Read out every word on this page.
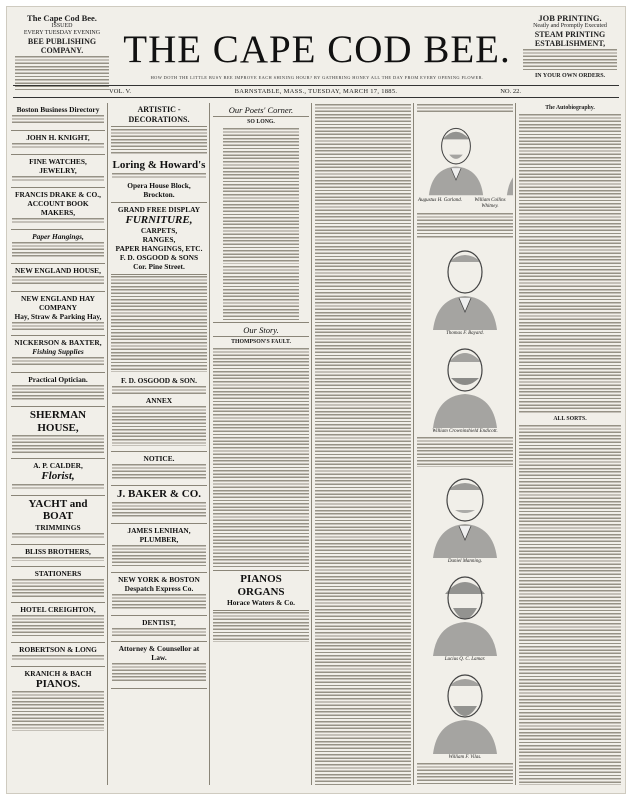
The Cape Cod Bee.
ISSUED
EVERY TUESDAY EVENING
BEE PUBLISHING COMPANY.	THE CAPE COD BEE.
HOW DOTH THE LITTLE BUSY BEE IMPROVE EACH SHINING HOUR? BY GATHERING HONEY ALL THE DAY FROM EVERY OPENING FLOWER.
JOB PRINTING.
Neatly and Promptly Executed
STEAM PRINTING
ESTABLISHMENT,
IN YOUR OWN ORDERS.
VOL. V.	BARNSTABLE, MASS., TUESDAY, MARCH 17, 1885.	NO. 22.
Boston Business Directory
JOHN H. KNIGHT,
FINE WATCHES, JEWELRY,
FRANCIS DRAKE & CO.,
ACCOUNT BOOK MAKERS,
Paper Hangings,
NEW ENGLAND HOUSE,
NEW ENGLAND HAY COMPANY
Hay, Straw & Parking Hay,
NICKERSON & BAXTER,
Fishing Supplies
Practical Optician.
SHERMAN HOUSE,
A. P. CALDER,
Florist,
YACHT and BOAT
TRIMMINGS
BLISS BROTHERS,
STATIONERS
HOTEL CREIGHTON,
ROBERTSON & LONG
KRANICH & BACH
PIANOS.
ARTISTIC - DECORATIONS.
Loring & Howard's
Opera House Block, Brockton.
GRAND FREE DISPLAY
FURNITURE,
CARPETS,
RANGES,
PAPER HANGINGS, ETC.
F. D. OSGOOD & SONS
Cor. Pine Street.
F. D. OSGOOD & SON.
ANNEX
NOTICE.
J. BAKER & CO.
JAMES LENIHAN,
PLUMBER,
NEW YORK & BOSTON
Despatch Express Co.
DENTIST,
Attorney & Counsellor at Law.
Our Poets' Corner.
SO LONG.
Our Story.
THOMPSON'S FAULT.
PIANOS
ORGANS
Horace Waters & Co.
Augustus H. Garland.	William Collins Whitney.
Thomas F. Bayard.
William Crowninshield Endicott.
Daniel Manning.
Lucius Q. C. Lamar.
William F. Vilas.
The Autobiography.
ALL SORTS.
